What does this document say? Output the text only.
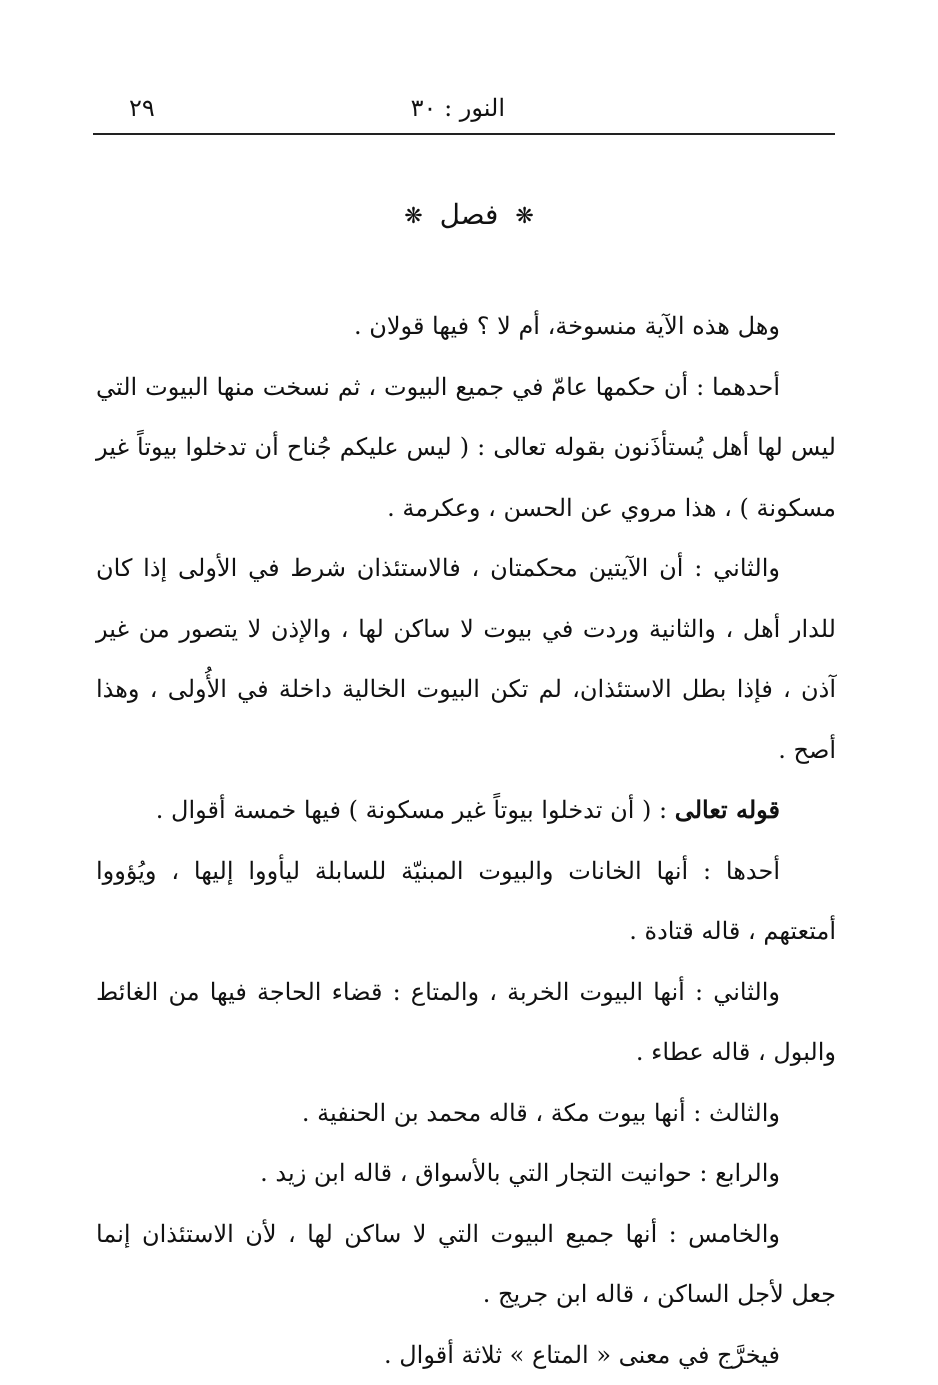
النور : ٣٠
٢٩
❋ فصل ❋

وهل هذه الآية منسوخة، أم لا ؟ فيها قولان .

أحدهما : أن حكمها عامّ في جميع البيوت ، ثم نسخت منها البيوت التي ليس لها أهل يُستأذَنون بقوله تعالى : ( ليس عليكم جُناح أن تدخلوا بيوتاً غير مسكونة ) ، هذا مروي عن الحسن ، وعكرمة .

والثاني : أن الآيتين محكمتان ، فالاستئذان شرط في الأولى إذا كان للدار أهل ، والثانية وردت في بيوت لا ساكن لها ، والإذن لا يتصور من غير آذن ، فإذا بطل الاستئذان، لم تكن البيوت الخالية داخلة في الأُولى ، وهذا أصح .

قوله تعالى : ( أن تدخلوا بيوتاً غير مسكونة ) فيها خمسة أقوال .

أحدها : أنها الخانات والبيوت المبنيّة للسابلة ليأووا إليها ، ويُؤووا أمتعتهم ، قاله قتادة .

والثاني : أنها البيوت الخربة ، والمتاع : قضاء الحاجة فيها من الغائط والبول ، قاله عطاء .

والثالث : أنها بيوت مكة ، قاله محمد بن الحنفية .

والرابع : حوانيت التجار التي بالأسواق ، قاله ابن زيد .

والخامس : أنها جميع البيوت التي لا ساكن لها ، لأن الاستئذان إنما جعل لأجل الساكن ، قاله ابن جريج .

فيخرَّج في معنى « المتاع » ثلاثة أقوال .
